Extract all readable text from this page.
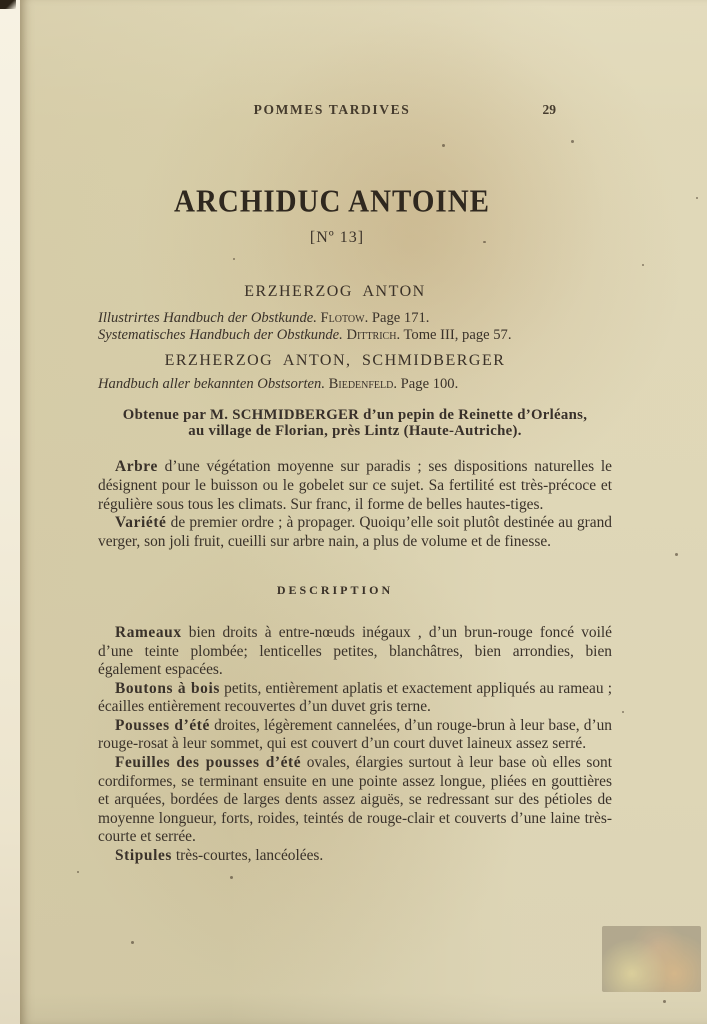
POMMES TARDIVES	29
ARCHIDUC ANTOINE
[Nº 13]
ERZHERZOG ANTON
Illustrirtes Handbuch der Obstkunde. Flotow. Page 171.
Systematisches Handbuch der Obstkunde. Dittrich. Tome III, page 57.
ERZHERZOG ANTON, SCHMIDBERGER
Handbuch aller bekannten Obstsorten. Biedenfeld. Page 100.
Obtenue par M. SCHMIDBERGER d’un pepin de Reinette d’Orléans,
au village de Florian, près Lintz (Haute-Autriche).

Arbre d’une végétation moyenne sur paradis ; ses dispositions naturelles le désignent pour le buisson ou le gobelet sur ce sujet. Sa fertilité est très-précoce et régulière sous tous les climats. Sur franc, il forme de belles hautes-tiges.

Variété de premier ordre ; à propager. Quoiqu’elle soit plutôt destinée au grand verger, son joli fruit, cueilli sur arbre nain, a plus de volume et de finesse.

DESCRIPTION

Rameaux bien droits à entre-nœuds inégaux , d’un brun-rouge foncé voilé d’une teinte plombée; lenticelles petites, blanchâtres, bien arrondies, bien également espacées.

Boutons à bois petits, entièrement aplatis et exactement appliqués au rameau ; écailles entièrement recouvertes d’un duvet gris terne.

Pousses d’été droites, légèrement cannelées, d’un rouge-brun à leur base, d’un rouge-rosat à leur sommet, qui est couvert d’un court duvet laineux assez serré.

Feuilles des pousses d’été ovales, élargies surtout à leur base où elles sont cordiformes, se terminant ensuite en une pointe assez longue, pliées en gouttières et arquées, bordées de larges dents assez aiguës, se redressant sur des pétioles de moyenne longueur, forts, roides, teintés de rouge-clair et couverts d’une laine très-courte et serrée.

Stipules très-courtes, lancéolées.
